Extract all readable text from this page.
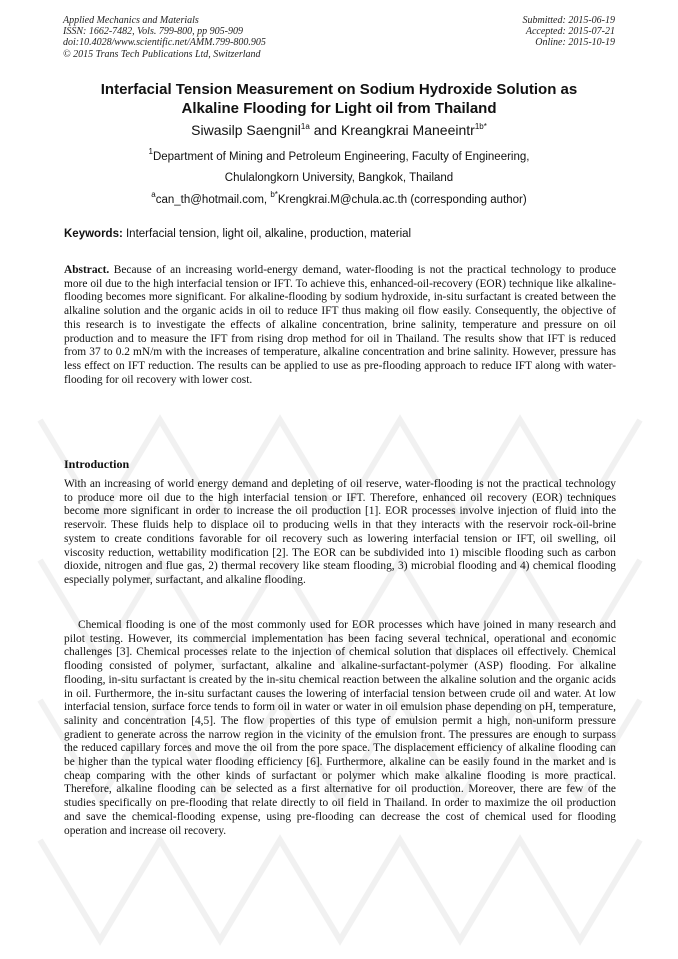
Applied Mechanics and Materials
ISSN: 1662-7482, Vols. 799-800, pp 905-909
doi:10.4028/www.scientific.net/AMM.799-800.905
© 2015 Trans Tech Publications Ltd, Switzerland
Submitted: 2015-06-19
Accepted: 2015-07-21
Online: 2015-10-19
Interfacial Tension Measurement on Sodium Hydroxide Solution as
Alkaline Flooding for Light oil from Thailand
Siwasilp Saengnil$^{1a}$ and Kreangkrai Maneeintr$^{1b*}$
$^1$Department of Mining and Petroleum Engineering, Faculty of Engineering,
Chulalongkorn University, Bangkok, Thailand
$^a$can_th@hotmail.com, $^{b*}$Krengkrai.M@chula.ac.th (corresponding author)
Keywords: Interfacial tension, light oil, alkaline, production, material

Abstract. Because of an increasing world-energy demand, water-flooding is not the practical technology to produce more oil due to the high interfacial tension or IFT. To achieve this, enhanced-oil-recovery (EOR) technique like alkaline-flooding becomes more significant. For alkaline-flooding by sodium hydroxide, in-situ surfactant is created between the alkaline solution and the organic acids in oil to reduce IFT thus making oil flow easily. Consequently, the objective of this research is to investigate the effects of alkaline concentration, brine salinity, temperature and pressure on oil production and to measure the IFT from rising drop method for oil in Thailand. The results show that IFT is reduced from 37 to 0.2 mN/m with the increases of temperature, alkaline concentration and brine salinity. However, pressure has less effect on IFT reduction. The results can be applied to use as pre-flooding approach to reduce IFT along with water-flooding for oil recovery with lower cost.

Introduction

With an increasing of world energy demand and depleting of oil reserve, water-flooding is not the practical technology to produce more oil due to the high interfacial tension or IFT. Therefore, enhanced oil recovery (EOR) techniques become more significant in order to increase the oil production [1]. EOR processes involve injection of fluid into the reservoir. These fluids help to displace oil to producing wells in that they interacts with the reservoir rock-oil-brine system to create conditions favorable for oil recovery such as lowering interfacial tension or IFT, oil swelling, oil viscosity reduction, wettability modification [2]. The EOR can be subdivided into 1) miscible flooding such as carbon dioxide, nitrogen and flue gas, 2) thermal recovery like steam flooding, 3) microbial flooding and 4) chemical flooding especially polymer, surfactant, and alkaline flooding.

Chemical flooding is one of the most commonly used for EOR processes which have joined in many research and pilot testing. However, its commercial implementation has been facing several technical, operational and economic challenges [3]. Chemical processes relate to the injection of chemical solution that displaces oil effectively. Chemical flooding consisted of polymer, surfactant, alkaline and alkaline-surfactant-polymer (ASP) flooding. For alkaline flooding, in-situ surfactant is created by the in-situ chemical reaction between the alkaline solution and the organic acids in oil. Furthermore, the in-situ surfactant causes the lowering of interfacial tension between crude oil and water. At low interfacial tension, surface force tends to form oil in water or water in oil emulsion phase depending on pH, temperature, salinity and concentration [4,5]. The flow properties of this type of emulsion permit a high, non-uniform pressure gradient to generate across the narrow region in the vicinity of the emulsion front. The pressures are enough to surpass the reduced capillary forces and move the oil from the pore space. The displacement efficiency of alkaline flooding can be higher than the typical water flooding efficiency [6]. Furthermore, alkaline can be easily found in the market and is cheap comparing with the other kinds of surfactant or polymer which make alkaline flooding is more practical. Therefore, alkaline flooding can be selected as a first alternative for oil production. Moreover, there are few of the studies specifically on pre-flooding that relate directly to oil field in Thailand. In order to maximize the oil production and save the chemical-flooding expense, using pre-flooding can decrease the cost of chemical used for flooding operation and increase oil recovery.
